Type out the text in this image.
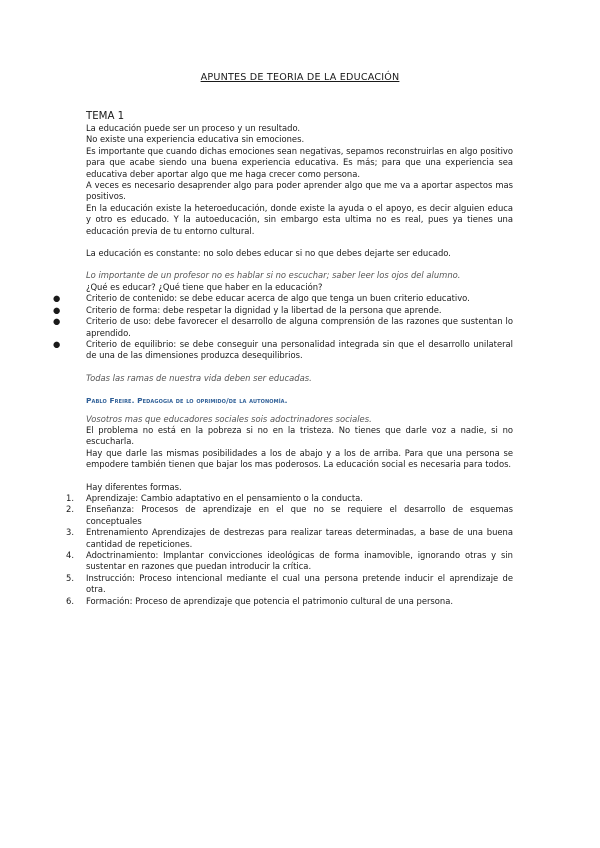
APUNTES DE TEORIA DE LA EDUCACIÓN

TEMA 1

La educación puede ser un proceso y un resultado.

No existe una experiencia educativa sin emociones.

Es importante que cuando dichas emociones sean negativas, sepamos reconstruirlas en algo positivo para que acabe siendo una buena experiencia educativa. Es más; para que una experiencia sea educativa deber aportar algo que me haga crecer como persona.

A veces es necesario desaprender algo para poder aprender algo que me va a aportar aspectos mas positivos.

En la educación existe la heteroeducación, donde existe la ayuda o el apoyo, es decir alguien educa y otro es educado. Y la autoeducación, sin embargo esta ultima no es real, pues ya tienes una educación previa de tu entorno cultural.

La educación es constante: no solo debes educar si no que debes dejarte ser educado.

Lo importante de un profesor no es hablar si no escuchar; saber leer los ojos del alumno.

¿Qué es educar? ¿Qué tiene que haber en la educación?

●	Criterio de contenido: se debe educar acerca de algo que tenga un buen criterio educativo.
●	Criterio de forma: debe respetar la dignidad y la libertad de la persona que aprende.
●	Criterio de uso: debe favorecer el desarrollo de alguna comprensión de las razones que sustentan lo aprendido.
●	Criterio de equilibrio: se debe conseguir una personalidad integrada sin que el desarrollo unilateral de una de las dimensiones produzca desequilibrios.

Todas las ramas de nuestra vida deben ser educadas.

Pablo Freire. Pedagogia de lo oprimido/de la autonomía.

Vosotros mas que educadores sociales sois adoctrinadores sociales.

El problema no está en la pobreza si no en la tristeza. No tienes que darle voz a nadie, si no escucharla.

Hay que darle las mismas posibilidades a los de abajo y a los de arriba. Para que una persona se empodere también tienen que bajar los mas poderosos. La educación social es necesaria para todos.

Hay diferentes formas.

1. Aprendizaje: Cambio adaptativo en el pensamiento o la conducta.
2. Enseñanza: Procesos de aprendizaje en el que no se requiere el desarrollo de esquemas conceptuales
3. Entrenamiento Aprendizajes de destrezas para realizar tareas determinadas, a base de una buena cantidad de repeticiones.
4. Adoctrinamiento: Implantar convicciones ideológicas de forma inamovible, ignorando otras y sin sustentar en razones que puedan introducir la crítica.
5. Instrucción: Proceso intencional mediante el cual una persona pretende inducir el aprendizaje de otra.
6. Formación: Proceso de aprendizaje que potencia el patrimonio cultural de una persona.
